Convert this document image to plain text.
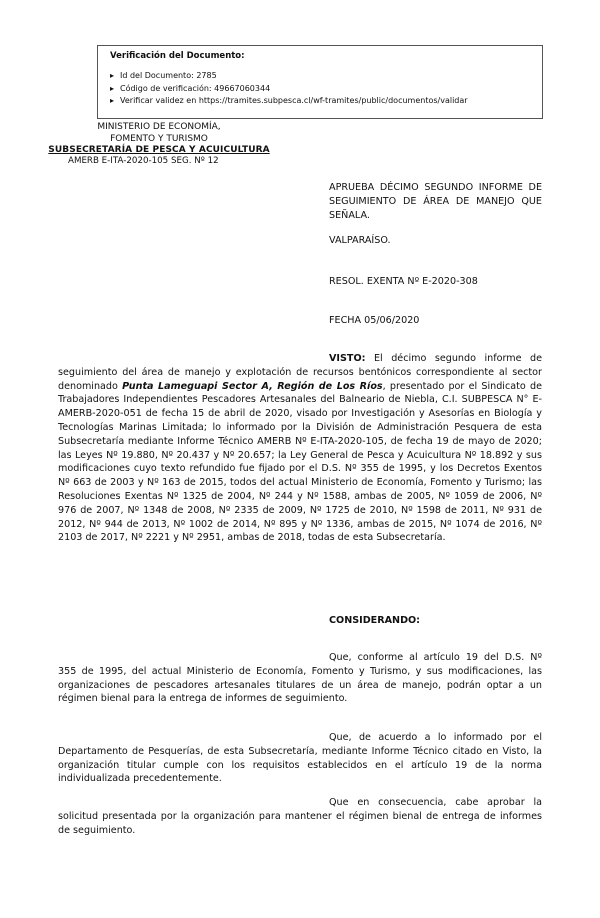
Verificación del Documento:
▸ Id del Documento: 2785
▸ Código de verificación: 49667060344
▸ Verificar validez en https://tramites.subpesca.cl/wf-tramites/public/documentos/validar
MINISTERIO DE ECONOMÍA,
FOMENTO Y TURISMO
SUBSECRETARÍA DE PESCA Y ACUICULTURA
AMERB E-ITA-2020-105 SEG. Nº 12
APRUEBA DÉCIMO SEGUNDO INFORME DE SEGUIMIENTO DE ÁREA DE MANEJO QUE SEÑALA.
VALPARAÍSO.
RESOL. EXENTA Nº E-2020-308
FECHA 05/06/2020
VISTO: El décimo segundo informe de seguimiento del área de manejo y explotación de recursos bentónicos correspondiente al sector denominado Punta Lameguapi Sector A, Región de Los Ríos, presentado por el Sindicato de Trabajadores Independientes Pescadores Artesanales del Balneario de Niebla, C.I. SUBPESCA N° E-AMERB-2020-051 de fecha 15 de abril de 2020, visado por Investigación y Asesorías en Biología y Tecnologías Marinas Limitada; lo informado por la División de Administración Pesquera de esta Subsecretaría mediante Informe Técnico AMERB Nº E-ITA-2020-105, de fecha 19 de mayo de 2020; las Leyes Nº 19.880, Nº 20.437 y Nº 20.657; la Ley General de Pesca y Acuicultura Nº 18.892 y sus modificaciones cuyo texto refundido fue fijado por el D.S. Nº 355 de 1995, y los Decretos Exentos Nº 663 de 2003 y Nº 163 de 2015, todos del actual Ministerio de Economía, Fomento y Turismo; las Resoluciones Exentas Nº 1325 de 2004, Nº 244 y Nº 1588, ambas de 2005, Nº 1059 de 2006, Nº 976 de 2007, Nº 1348 de 2008, Nº 2335 de 2009, Nº 1725 de 2010, Nº 1598 de 2011, Nº 931 de 2012, Nº 944 de 2013, Nº 1002 de 2014, Nº 895 y Nº 1336, ambas de 2015, Nº 1074 de 2016, Nº 2103 de 2017, Nº 2221 y Nº 2951, ambas de 2018, todas de esta Subsecretaría.
CONSIDERANDO:
Que, conforme al artículo 19 del D.S. Nº 355 de 1995, del actual Ministerio de Economía, Fomento y Turismo, y sus modificaciones, las organizaciones de pescadores artesanales titulares de un área de manejo, podrán optar a un régimen bienal para la entrega de informes de seguimiento.
Que, de acuerdo a lo informado por el Departamento de Pesquerías, de esta Subsecretaría, mediante Informe Técnico citado en Visto, la organización titular cumple con los requisitos establecidos en el artículo 19 de la norma individualizada precedentemente.
Que en consecuencia, cabe aprobar la solicitud presentada por la organización para mantener el régimen bienal de entrega de informes de seguimiento.
